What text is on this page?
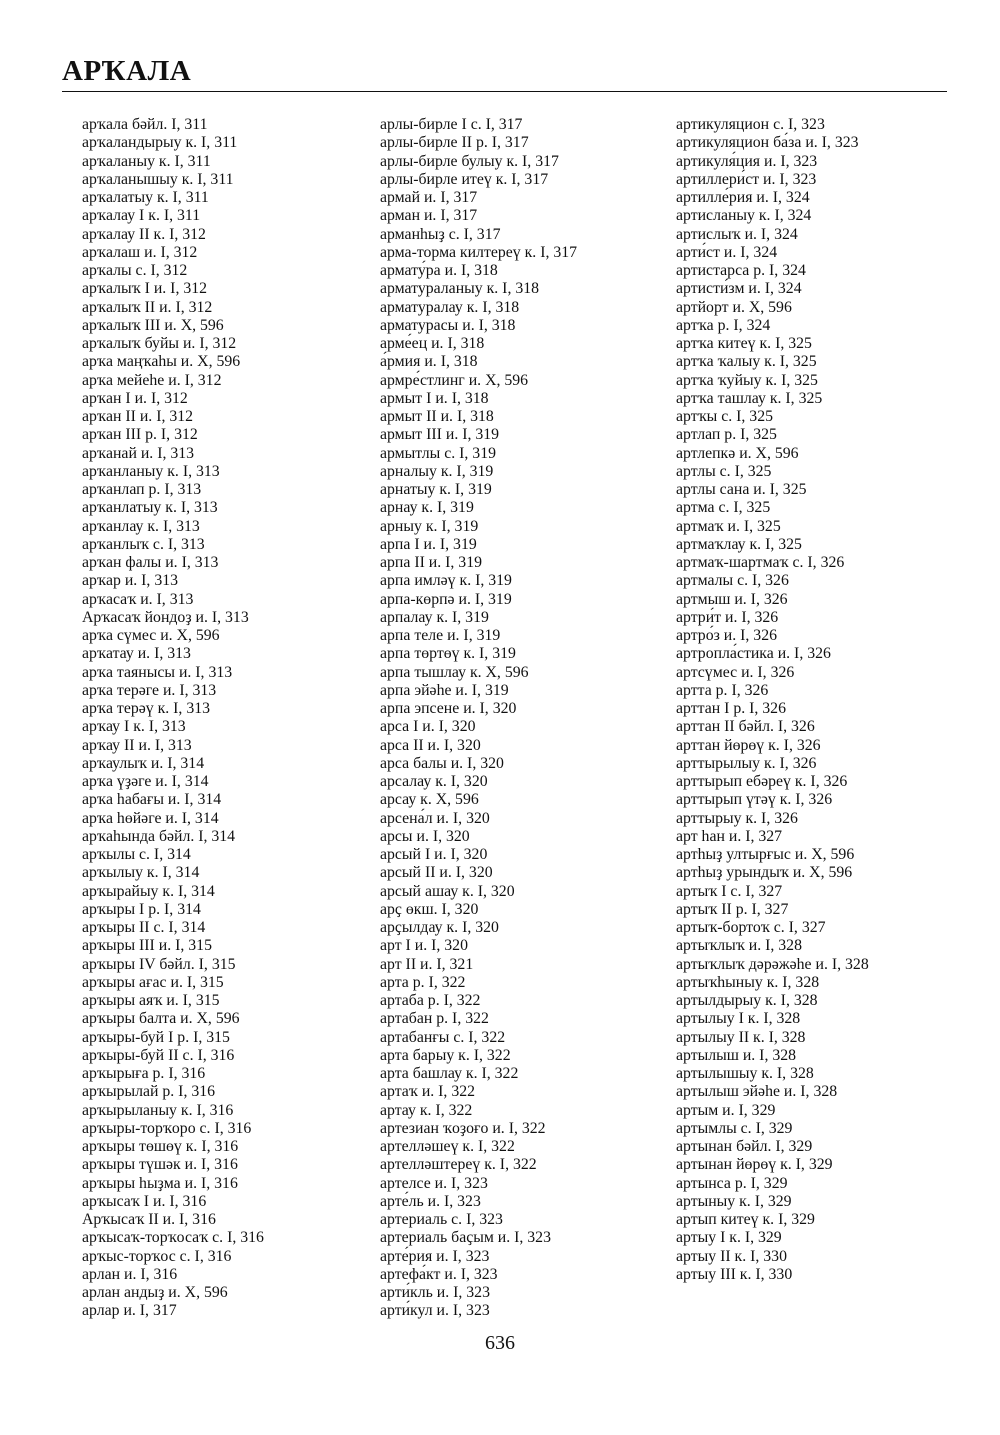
АРҠАЛА
арҡала бәйл. I, 311
арҡаландырыу к. I, 311
арҡаланыу к. I, 311
арҡаланышыу к. I, 311
арҡалатыу к. I, 311
арҡалау I к. I, 311
арҡалау II к. I, 312
арҡалаш и. I, 312
арҡалы с. I, 312
арҡалыҡ I и. I, 312
арҡалыҡ II и. I, 312
арҡалыҡ III и. X, 596
арҡалыҡ буйы и. I, 312
арҡа маңҡаһы и. X, 596
арҡа мейеһе и. I, 312
арҡан I и. I, 312
арҡан II и. I, 312
арҡан III р. I, 312
арҡанай и. I, 313
арҡанланыу к. I, 313
арҡанлап р. I, 313
арҡанлатыу к. I, 313
арҡанлау к. I, 313
арҡанлыҡ с. I, 313
арҡан фалы и. I, 313
арҡар и. I, 313
арҡасаҡ и. I, 313
Арҡасаҡ йондоҙ и. I, 313
арҡа сүмес и. X, 596
арҡатау и. I, 313
арҡа таянысы и. I, 313
арҡа терәге и. I, 313
арҡа терәү к. I, 313
арҡау I к. I, 313
арҡау II и. I, 313
арҡаулыҡ и. I, 314
арҡа үҙәге и. I, 314
арҡа һабағы и. I, 314
арҡа һөйәге и. I, 314
арҡаһында бәйл. I, 314
арҡылы с. I, 314
арҡылыу к. I, 314
арҡырайыу к. I, 314
арҡыры I р. I, 314
арҡыры II с. I, 314
арҡыры III и. I, 315
арҡыры IV бәйл. I, 315
арҡыры ағас и. I, 315
арҡыры аяҡ и. I, 315
арҡыры балта и. X, 596
арҡыры-буй I р. I, 315
арҡыры-буй II с. I, 316
арҡырыға р. I, 316
арҡырылай р. I, 316
арҡырыланыу к. I, 316
арҡыры-торҡоро с. I, 316
арҡыры төшөү к. I, 316
арҡыры түшәк и. I, 316
арҡыры һыҙма и. I, 316
арҡысаҡ I и. I, 316
Арҡысаҡ II и. I, 316
арҡысаҡ-торҡосаҡ с. I, 316
арҡыс-торҡос с. I, 316
арлан и. I, 316
арлан андыҙ и. X, 596
арлар и. I, 317
арлы-бирле I с. I, 317
арлы-бирле II р. I, 317
арлы-бирле булыу к. I, 317
арлы-бирле итеү к. I, 317
армай и. I, 317
арман и. I, 317
арманһыҙ с. I, 317
арма-торма килтереү к. I, 317
армату́ра и. I, 318
арматураланыу к. I, 318
арматуралау к. I, 318
арматурасы и. I, 318
арме́ец и. I, 318
а́рмия и. I, 318
армре́стлинг и. X, 596
армыт I и. I, 318
армыт II и. I, 318
армыт III и. I, 319
армытлы с. I, 319
арналыу к. I, 319
арнатыу к. I, 319
арнау к. I, 319
арныу к. I, 319
арпа I и. I, 319
арпа II и. I, 319
арпа имләү к. I, 319
арпа-көрпә и. I, 319
арпалау к. I, 319
арпа теле и. I, 319
арпа төртөү к. I, 319
арпа тышлау к. X, 596
арпа эйәһе и. I, 319
арпа эпсене и. I, 320
арса I и. I, 320
арса II и. I, 320
арса балы и. I, 320
арсалау к. I, 320
арсау к. X, 596
арсена́л и. I, 320
арсы и. I, 320
арсый I и. I, 320
арсый II и. I, 320
арсый ашау к. I, 320
арҫ өкш. I, 320
арҫылдау к. I, 320
арт I и. I, 320
арт II и. I, 321
арта р. I, 322
артаба р. I, 322
артабан р. I, 322
артабанғы с. I, 322
арта барыу к. I, 322
арта башлау к. I, 322
артаҡ и. I, 322
артау к. I, 322
артезиан ҡоҙоғо и. I, 322
артелләшеү к. I, 322
артелләштереү к. I, 322
артелсе и. I, 323
арте́ль и. I, 323
артериаль с. I, 323
артериаль баҫым и. I, 323
арте́рия и. I, 323
артефа́кт и. I, 323
арти́кль и. I, 323
арти́кул и. I, 323
артикуляцион с. I, 323
артикуляцион ба́за и. I, 323
артикуля́ция и. I, 323
артиллери́ст и. I, 323
артилле́рия и. I, 324
артисланыу к. I, 324
артислыҡ и. I, 324
арти́ст и. I, 324
артистарса р. I, 324
артисти́зм и. I, 324
артйорт и. X, 596
артҡа р. I, 324
артҡа китеү к. I, 325
артҡа ҡалыу к. I, 325
артҡа ҡуйыу к. I, 325
артҡа ташлау к. I, 325
артҡы с. I, 325
артлап р. I, 325
артлепкә и. X, 596
артлы с. I, 325
артлы сана и. I, 325
артма с. I, 325
артмаҡ и. I, 325
артмаҡлау к. I, 325
артмаҡ-шартмаҡ с. I, 326
артмалы с. I, 326
артмыш и. I, 326
артри́т и. I, 326
артро́з и. I, 326
артропла́стика и. I, 326
артсүмес и. I, 326
артта р. I, 326
арттан I р. I, 326
арттан II бәйл. I, 326
арттан йөрөү к. I, 326
арттырылыу к. I, 326
арттырып ебәреү к. I, 326
арттырып үтәү к. I, 326
арттырыу к. I, 326
арт һан и. I, 327
артһыҙ ултырғыс и. X, 596
артһыҙ урындыҡ и. X, 596
артыҡ I с. I, 327
артыҡ II р. I, 327
артыҡ-бортоҡ с. I, 327
артыҡлыҡ и. I, 328
артыҡлыҡ дәрәжәһе и. I, 328
артыҡһыныу к. I, 328
артылдырыу к. I, 328
артылыу I к. I, 328
артылыу II к. I, 328
артылыш и. I, 328
артылышыу к. I, 328
артылыш эйәһе и. I, 328
артым и. I, 329
артымлы с. I, 329
артынан бәйл. I, 329
артынан йөрөү к. I, 329
артынса р. I, 329
артыныу к. I, 329
артып китеү к. I, 329
артыу I к. I, 329
артыу II к. I, 330
артыу III к. I, 330
636
